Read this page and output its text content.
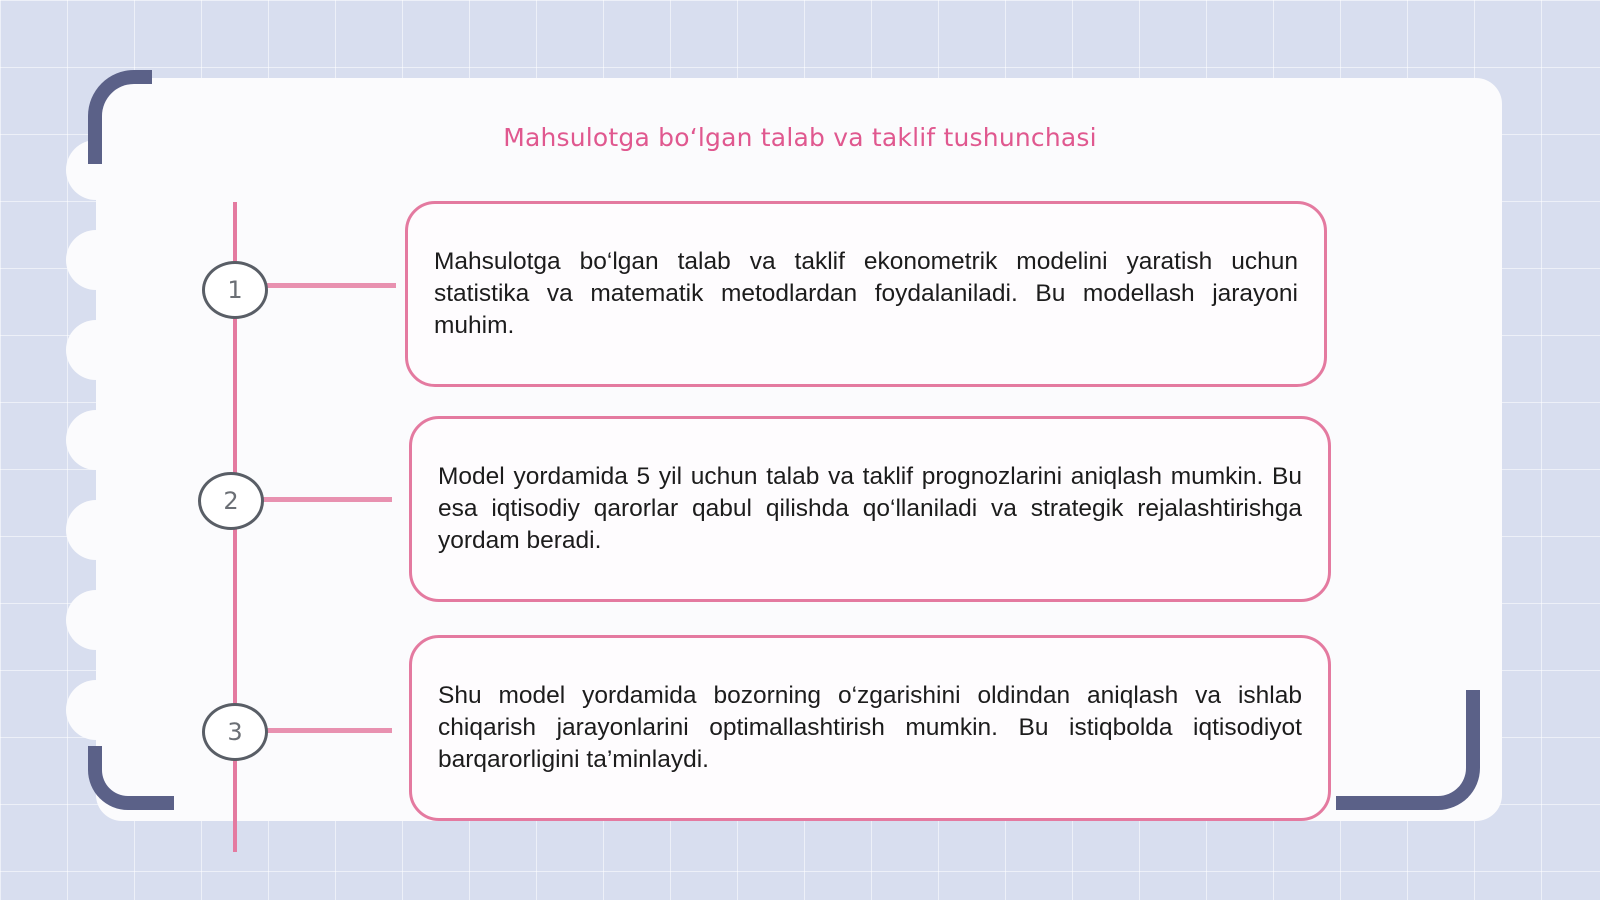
Mahsulotga boʻlgan talab va taklif tushunchasi
1
2
3

Mahsulotga bo‘lgan talab va taklif ekonometrik modelini yaratish uchun statistika va matematik metodlardan foydalaniladi. Bu modellash jarayoni muhim.

Model yordamida 5 yil uchun talab va taklif prognozlarini aniqlash mumkin. Bu esa iqtisodiy qarorlar qabul qilishda qo‘llaniladi va strategik rejalashtirishga yordam beradi.

Shu model yordamida bozorning o‘zgarishini oldindan aniqlash va ishlab chiqarish jarayonlarini optimallashtirish mumkin. Bu istiqbolda iqtisodiyot barqarorligini ta’minlaydi.
